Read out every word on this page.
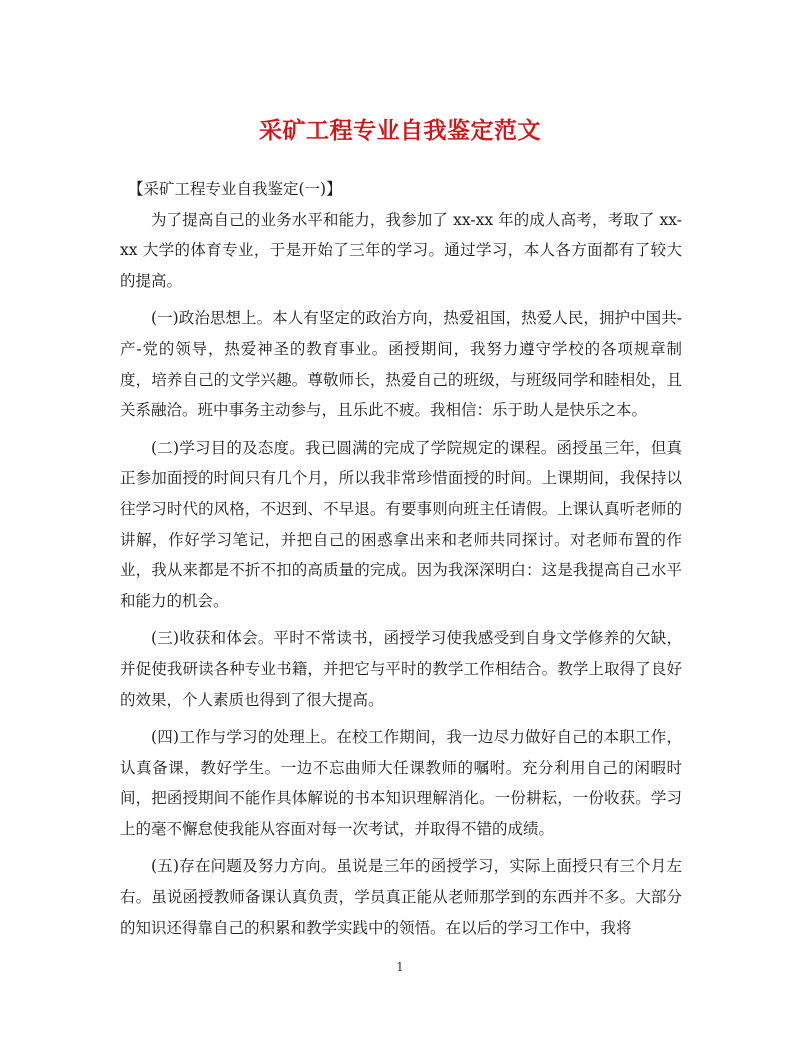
采矿工程专业自我鉴定范文

【采矿工程专业自我鉴定(一)】

为了提高自己的业务水平和能力，我参加了 xx-xx 年的成人高考，考取了 xx-xx 大学的体育专业，于是开始了三年的学习。通过学习，本人各方面都有了较大的提高。

(一)政治思想上。本人有坚定的政治方向，热爱祖国，热爱人民，拥护中国共-产-党的领导，热爱神圣的教育事业。函授期间，我努力遵守学校的各项规章制度，培养自己的文学兴趣。尊敬师长，热爱自己的班级，与班级同学和睦相处，且关系融洽。班中事务主动参与，且乐此不疲。我相信：乐于助人是快乐之本。

(二)学习目的及态度。我已圆满的完成了学院规定的课程。函授虽三年，但真正参加面授的时间只有几个月，所以我非常珍惜面授的时间。上课期间，我保持以往学习时代的风格，不迟到、不早退。有要事则向班主任请假。上课认真听老师的讲解，作好学习笔记，并把自己的困惑拿出来和老师共同探讨。对老师布置的作业，我从来都是不折不扣的高质量的完成。因为我深深明白：这是我提高自己水平和能力的机会。

(三)收获和体会。平时不常读书，函授学习使我感受到自身文学修养的欠缺，并促使我研读各种专业书籍，并把它与平时的教学工作相结合。教学上取得了良好的效果，个人素质也得到了很大提高。

(四)工作与学习的处理上。在校工作期间，我一边尽力做好自己的本职工作，认真备课，教好学生。一边不忘曲师大任课教师的嘱咐。充分利用自己的闲暇时间，把函授期间不能作具体解说的书本知识理解消化。一份耕耘，一份收获。学习上的毫不懈怠使我能从容面对每一次考试，并取得不错的成绩。

(五)存在问题及努力方向。虽说是三年的函授学习，实际上面授只有三个月左右。虽说函授教师备课认真负责，学员真正能从老师那学到的东西并不多。大部分的知识还得靠自己的积累和教学实践中的领悟。在以后的学习工作中，我将

1
